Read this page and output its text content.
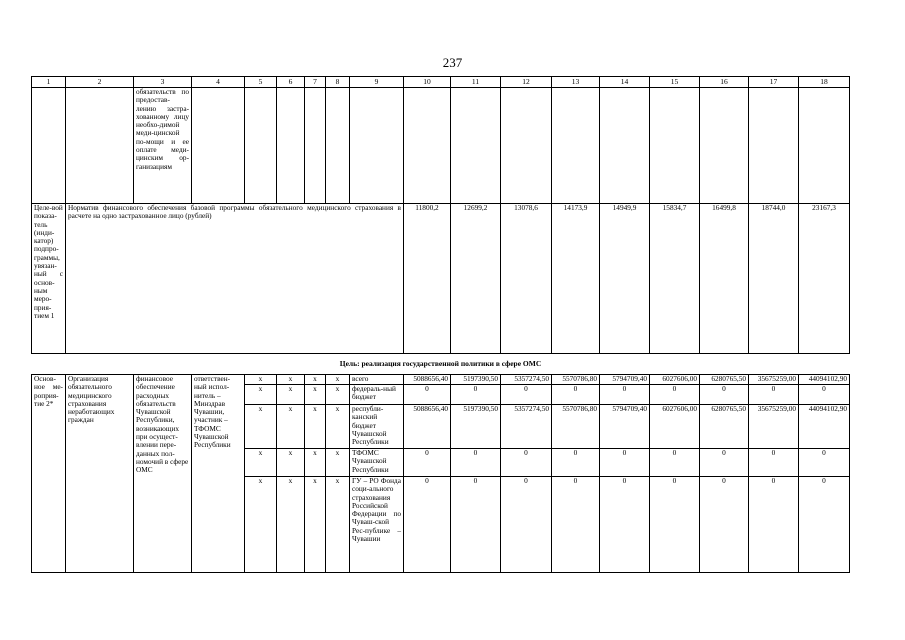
237
1	2	3	4	5	6	7	8	9	10	11	12	13	14	15	16	17	18
		обязательств по предостав-лению застра-хованному лицу необхо-димой меди-цинской по-мощи и ее оплате меди-цинским ор-ганизациям															
Целе-вой показа-тель (инди-катор) подпро-граммы, увязан-ный с основ-ным меро-прия-тием 1	Норматив финансового обеспечения базовой программы обязательного медицинского страхования в расчете на одно застрахованное лицо (рублей)								11800,2	12699,2	13078,6	14173,9	14949,9	15834,7	16499,8	18744,0	23167,3
Цель: реализация государственной политики в сфере ОМС																	
Основ-ное ме-роприя-тие 2*	Организация обязательного медицинского страхования неработающих граждан	финансовое обеспечение расходных обязательств Чувашской Республики, возникающих при осущест-влении пере-данных пол-номочий в сфере ОМС	ответствен-ный испол-нитель – Минздрав Чувашии, участник – ТФОМС Чувашской Республики	х	х	х	х	всего	5088656,40	5197390,50	5357274,50	5570786,80	5794709,40	6027606,00	6280765,50	35675259,00	44094102,90
				х	х	х	х	федераль-ный бюджет	0	0	0	0	0	0	0	0	0
				х	х	х	х	республи-канский бюджет Чувашской Республики	5088656,40	5197390,50	5357274,50	5570786,80	5794709,40	6027606,00	6280765,50	35675259,00	44094102,90
				х	х	х	х	ТФОМС Чувашской Республики	0	0	0	0	0	0	0	0	0
				х	х	х	х	ГУ – РО Фонда соци-ального страхования Российской Федерации по Чуваш-ской Рес-публике – Чувашии	0	0	0	0	0	0	0	0	0
